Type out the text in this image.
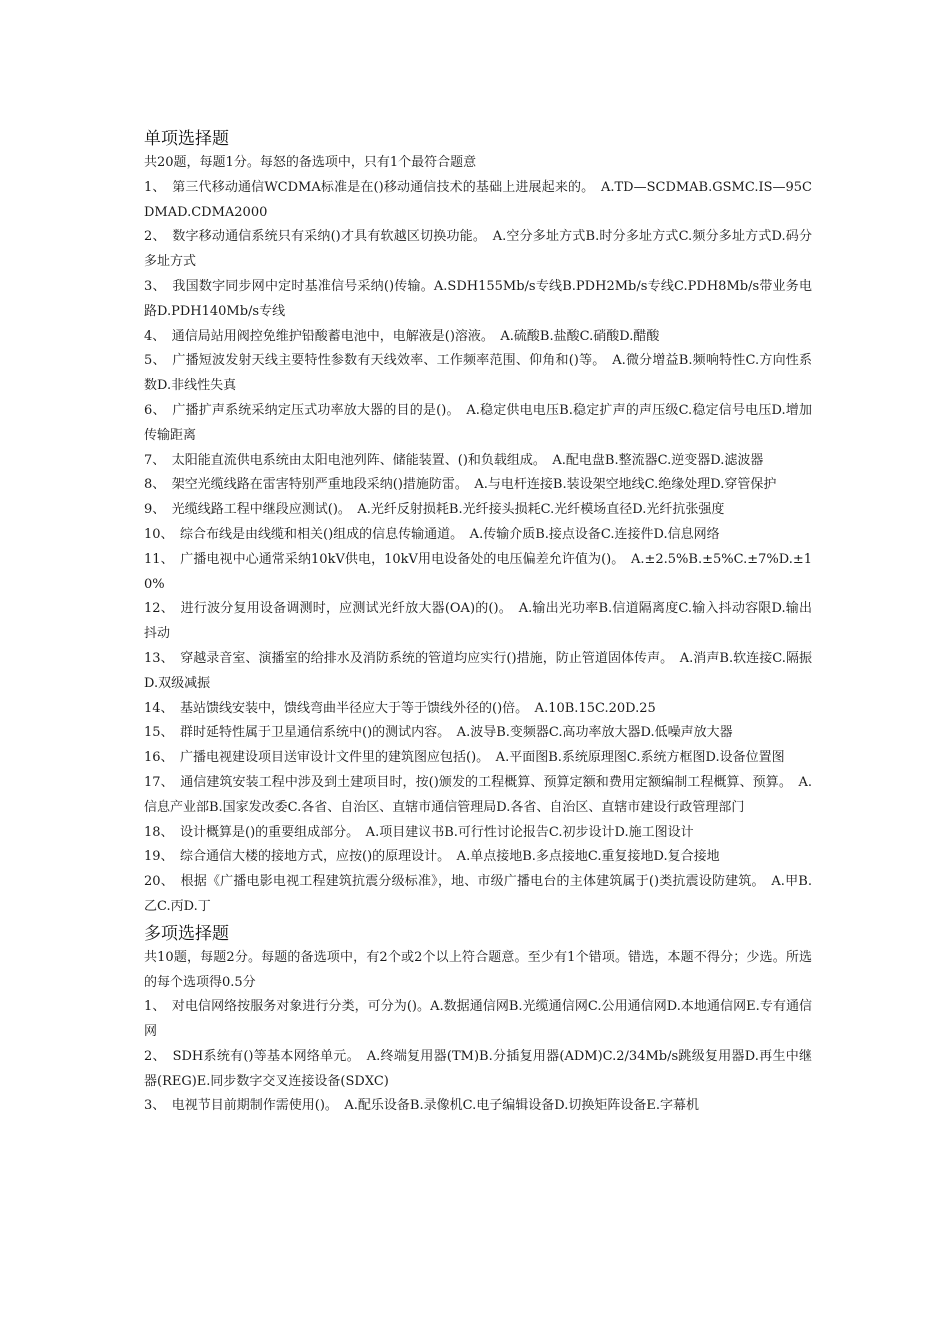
单项选择题

共20题，每题1分。每怒的备选项中，只有1个最符合题意

1、　第三代移动通信WCDMA标准是在()移动通信技术的基础上进展起来的。　A.TD—SCDMAB.GSMC.IS—95CDMAD.CDMA2000

2、　数字移动通信系统只有采纳()才具有软越区切换功能。　A.空分多址方式B.时分多址方式C.频分多址方式D.码分多址方式

3、　我国数字同步网中定时基准信号采纳()传输。A.SDH155Mb/s专线B.PDH2Mb/s专线C.PDH8Mb/s带业务电路D.PDH140Mb/s专线

4、　通信局站用阀控免维护铅酸蓄电池中，电解液是()溶液。　A.硫酸B.盐酸C.硝酸D.醋酸

5、　广播短波发射天线主要特性参数有天线效率、工作频率范围、仰角和()等。　A.微分增益B.频响特性C.方向性系数D.非线性失真

6、　广播扩声系统采纳定压式功率放大器的目的是()。　A.稳定供电电压B.稳定扩声的声压级C.稳定信号电压D.增加传输距离

7、　太阳能直流供电系统由太阳电池列阵、储能装置、()和负载组成。　A.配电盘B.整流器C.逆变器D.滤波器

8、　架空光缆线路在雷害特别严重地段采纳()措施防雷。　A.与电杆连接B.装设架空地线C.绝缘处理D.穿管保护

9、　光缆线路工程中继段应测试()。　A.光纤反射损耗B.光纤接头损耗C.光纤模场直径D.光纤抗张强度

10、　综合布线是由线缆和相关()组成的信息传输通道。　A.传输介质B.接点设备C.连接件D.信息网络

11、　广播电视中心通常采纳10kV供电，10kV用电设备处的电压偏差允许值为()。　A.±2.5%B.±5%C.±7%D.±10%

12、　进行波分复用设备调测时，应测试光纤放大器(OA)的()。　A.输出光功率B.信道隔离度C.输入抖动容限D.输出抖动

13、　穿越录音室、演播室的给排水及消防系统的管道均应实行()措施，防止管道固体传声。　A.消声B.软连接C.隔振D.双级减振

14、　基站馈线安装中，馈线弯曲半径应大于等于馈线外径的()倍。　A.10B.15C.20D.25

15、　群时延特性属于卫星通信系统中()的测试内容。　A.波导B.变频器C.高功率放大器D.低噪声放大器

16、　广播电视建设项目送审设计文件里的建筑图应包括()。　A.平面图B.系统原理图C.系统方框图D.设备位置图

17、　通信建筑安装工程中涉及到土建项目时，按()颁发的工程概算、预算定额和费用定额编制工程概算、预算。　A.信息产业部B.国家发改委C.各省、自治区、直辖市通信管理局D.各省、自治区、直辖市建设行政管理部门

18、　设计概算是()的重要组成部分。　A.项目建议书B.可行性讨论报告C.初步设计D.施工图设计

19、　综合通信大楼的接地方式，应按()的原理设计。　A.单点接地B.多点接地C.重复接地D.复合接地

20、　根据《广播电影电视工程建筑抗震分级标准》，地、市级广播电台的主体建筑属于()类抗震设防建筑。　A.甲B.乙C.丙D.丁

多项选择题

共10题，每题2分。每题的备选项中，有2个或2个以上符合题意。至少有1个错项。错选，本题不得分；少选。所选的每个选项得0.5分

1、　对电信网络按服务对象进行分类，可分为()。A.数据通信网B.光缆通信网C.公用通信网D.本地通信网E.专有通信网

2、　SDH系统有()等基本网络单元。　A.终端复用器(TM)B.分插复用器(ADM)C.2/34Mb/s跳级复用器D.再生中继器(REG)E.同步数字交叉连接设备(SDXC)

3、　电视节目前期制作需使用()。　A.配乐设备B.录像机C.电子编辑设备D.切换矩阵设备E.字幕机
